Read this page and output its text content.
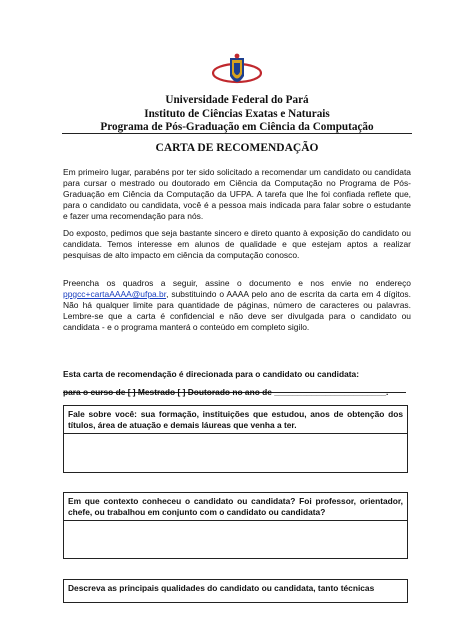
Universidade Federal do Pará
Instituto de Ciências Exatas e Naturais
Programa de Pós-Graduação em Ciência da Computação
CARTA DE RECOMENDAÇÃO
Em primeiro lugar, parabéns por ter sido solicitado a recomendar um candidato ou candidata para cursar o mestrado ou doutorado em Ciência da Computação no Programa de Pós-Graduação em Ciência da Computação da UFPA. A tarefa que lhe foi confiada reflete que, para o candidato ou candidata, você é a pessoa mais indicada para falar sobre o estudante e fazer uma recomendação para nós.
Do exposto, pedimos que seja bastante sincero e direto quanto à exposição do candidato ou candidata. Temos interesse em alunos de qualidade e que estejam aptos a realizar pesquisas de alto impacto em ciência da computação conosco.
Preencha os quadros a seguir, assine o documento e nos envie no endereço ppgcc+cartaAAAA@ufpa.br, substituindo o AAAA pelo ano de escrita da carta em 4 dígitos. Não há qualquer limite para quantidade de páginas, número de caracteres ou palavras. Lembre-se que a carta é confidencial e não deve ser divulgada para o candidato ou candidata - e o programa manterá o conteúdo em completo sigilo.
Esta carta de recomendação é direcionada para o candidato ou candidata:
para o curso de [ ] Mestrado [ ] Doutorado no ano de ________________________.
Fale sobre você: sua formação, instituições que estudou, anos de obtenção dos títulos, área de atuação e demais láureas que venha a ter.
Em que contexto conheceu o candidato ou candidata? Foi professor, orientador, chefe, ou trabalhou em conjunto com o candidato ou candidata?
Descreva as principais qualidades do candidato ou candidata, tanto técnicas
